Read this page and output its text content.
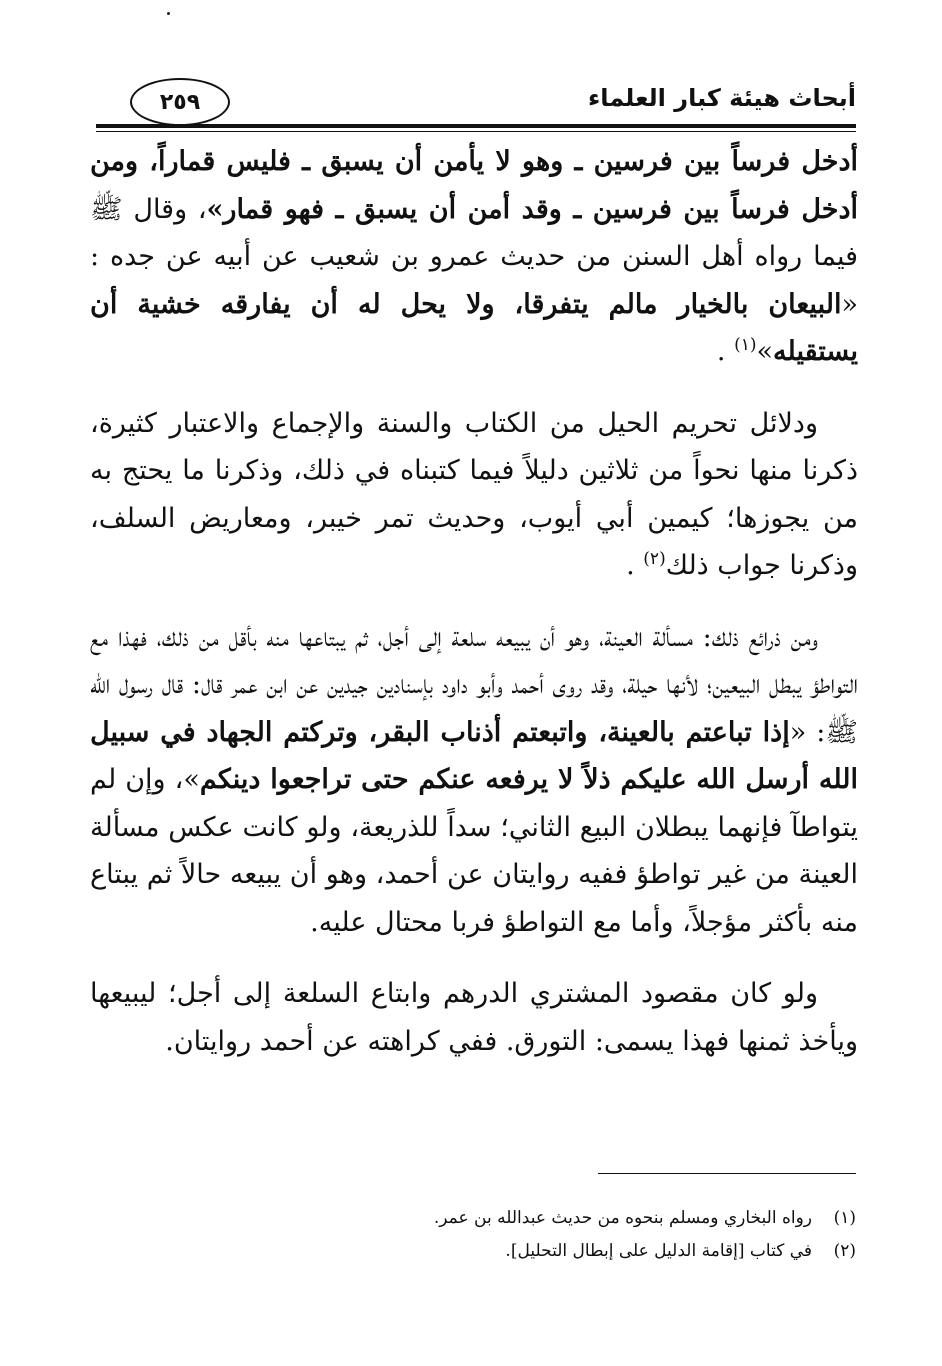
أبحاث هيئة كبار العلماء
٢٥٩

أدخل فرساً بين فرسين ـ وهو لا يأمن أن يسبق ـ فليس قماراً، ومن أدخل فرساً بين فرسين ـ وقد أمن أن يسبق ـ فهو قمار»، وقال ﷺ فيما رواه أهل السنن من حديث عمرو بن شعيب عن أبيه عن جده : «البيعان بالخيار مالم يتفرقا، ولا يحل له أن يفارقه خشية أن يستقيله»$^{(١)}$ .

ودلائل تحريم الحيل من الكتاب والسنة والإجماع والاعتبار كثيرة، ذكرنا منها نحواً من ثلاثين دليلاً فيما كتبناه في ذلك، وذكرنا ما يحتج به من يجوزها؛ كيمين أبي أيوب، وحديث تمر خيبر، ومعاريض السلف، وذكرنا جواب ذلك$^{(٢)}$ .

ومن ذرائع ذلك: مسألة العينة، وهو أن يبيعه سلعة إلى أجل، ثم يبتاعها منه بأقل من ذلك، فهذا مع التواطؤ يبطل البيعين؛ لأنها حيلة، وقد روى أحمد وأبو داود بإسنادين جيدين عن ابن عمر قال: قال رسول الله ﷺ: «إذا تباعتم بالعينة، واتبعتم أذناب البقر، وتركتم الجهاد في سبيل الله أرسل الله عليكم ذلاً لا يرفعه عنكم حتى تراجعوا دينكم»، وإن لم يتواطآ فإنهما يبطلان البيع الثاني؛ سداً للذريعة، ولو كانت عكس مسألة العينة من غير تواطؤ ففيه روايتان عن أحمد، وهو أن يبيعه حالاً ثم يبتاع منه بأكثر مؤجلاً، وأما مع التواطؤ فربا محتال عليه.

ولو كان مقصود المشتري الدرهم وابتاع السلعة إلى أجل؛ ليبيعها ويأخذ ثمنها فهذا يسمى: التورق. ففي كراهته عن أحمد روايتان.

(١)
رواه البخاري ومسلم بنحوه من حديث عبدالله بن عمر.
(٢)
في كتاب [إقامة الدليل على إبطال التحليل].
